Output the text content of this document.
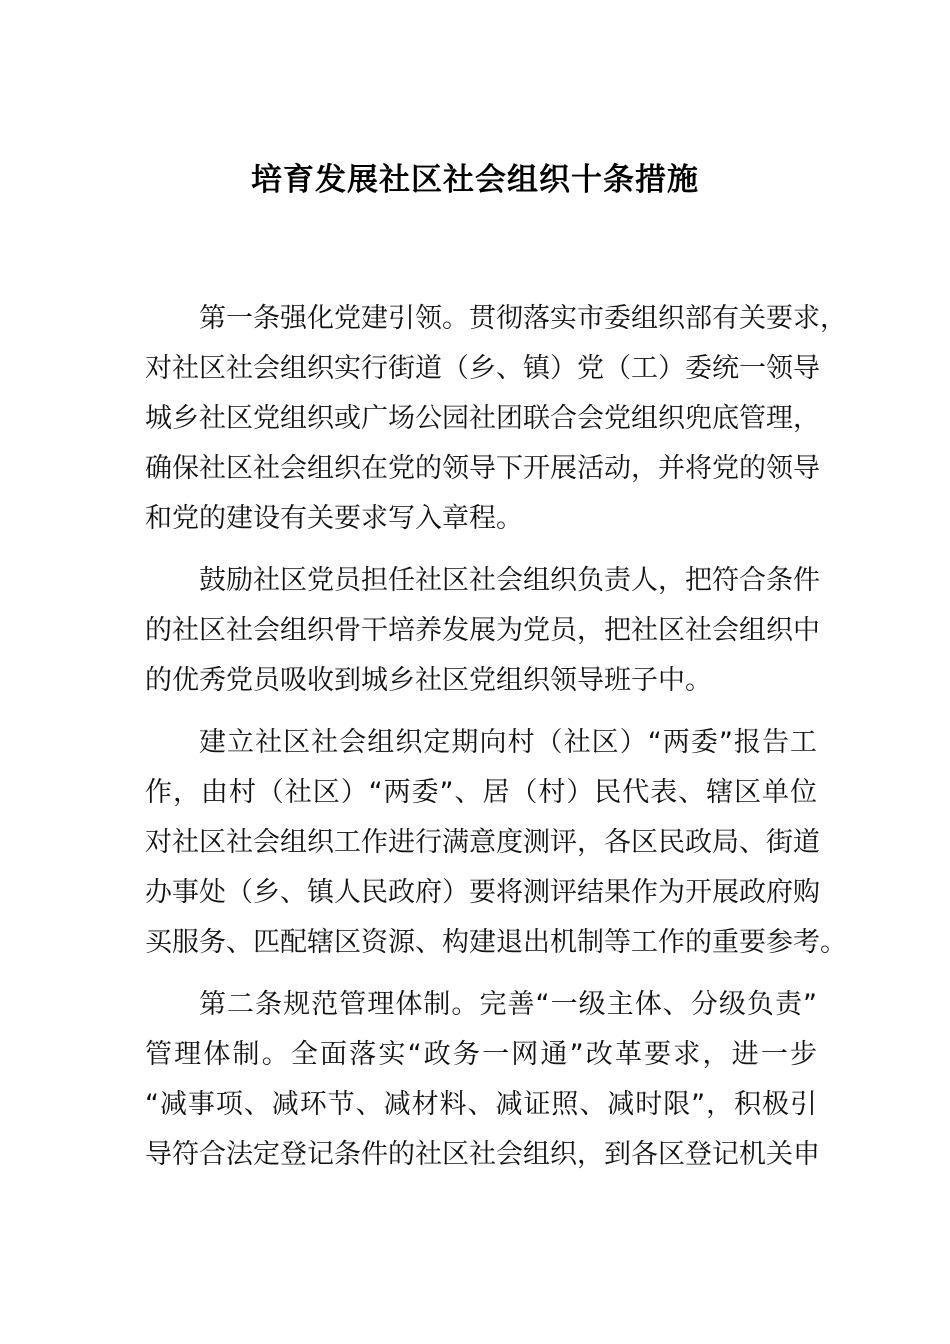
培育发展社区社会组织十条措施
第一条强化党建引领。贯彻落实市委组织部有关要求，
对社区社会组织实行街道（乡、镇）党（工）委统一领导
城乡社区党组织或广场公园社团联合会党组织兜底管理，
确保社区社会组织在党的领导下开展活动，并将党的领导
和党的建设有关要求写入章程。
鼓励社区党员担任社区社会组织负责人，把符合条件
的社区社会组织骨干培养发展为党员，把社区社会组织中
的优秀党员吸收到城乡社区党组织领导班子中。
建立社区社会组织定期向村（社区）“两委”报告工
作，由村（社区）“两委”、居（村）民代表、辖区单位
对社区社会组织工作进行满意度测评，各区民政局、街道
办事处（乡、镇人民政府）要将测评结果作为开展政府购
买服务、匹配辖区资源、构建退出机制等工作的重要参考。
第二条规范管理体制。完善“一级主体、分级负责”
管理体制。全面落实“政务一网通”改革要求，进一步
“减事项、减环节、减材料、减证照、减时限”，积极引
导符合法定登记条件的社区社会组织，到各区登记机关申
